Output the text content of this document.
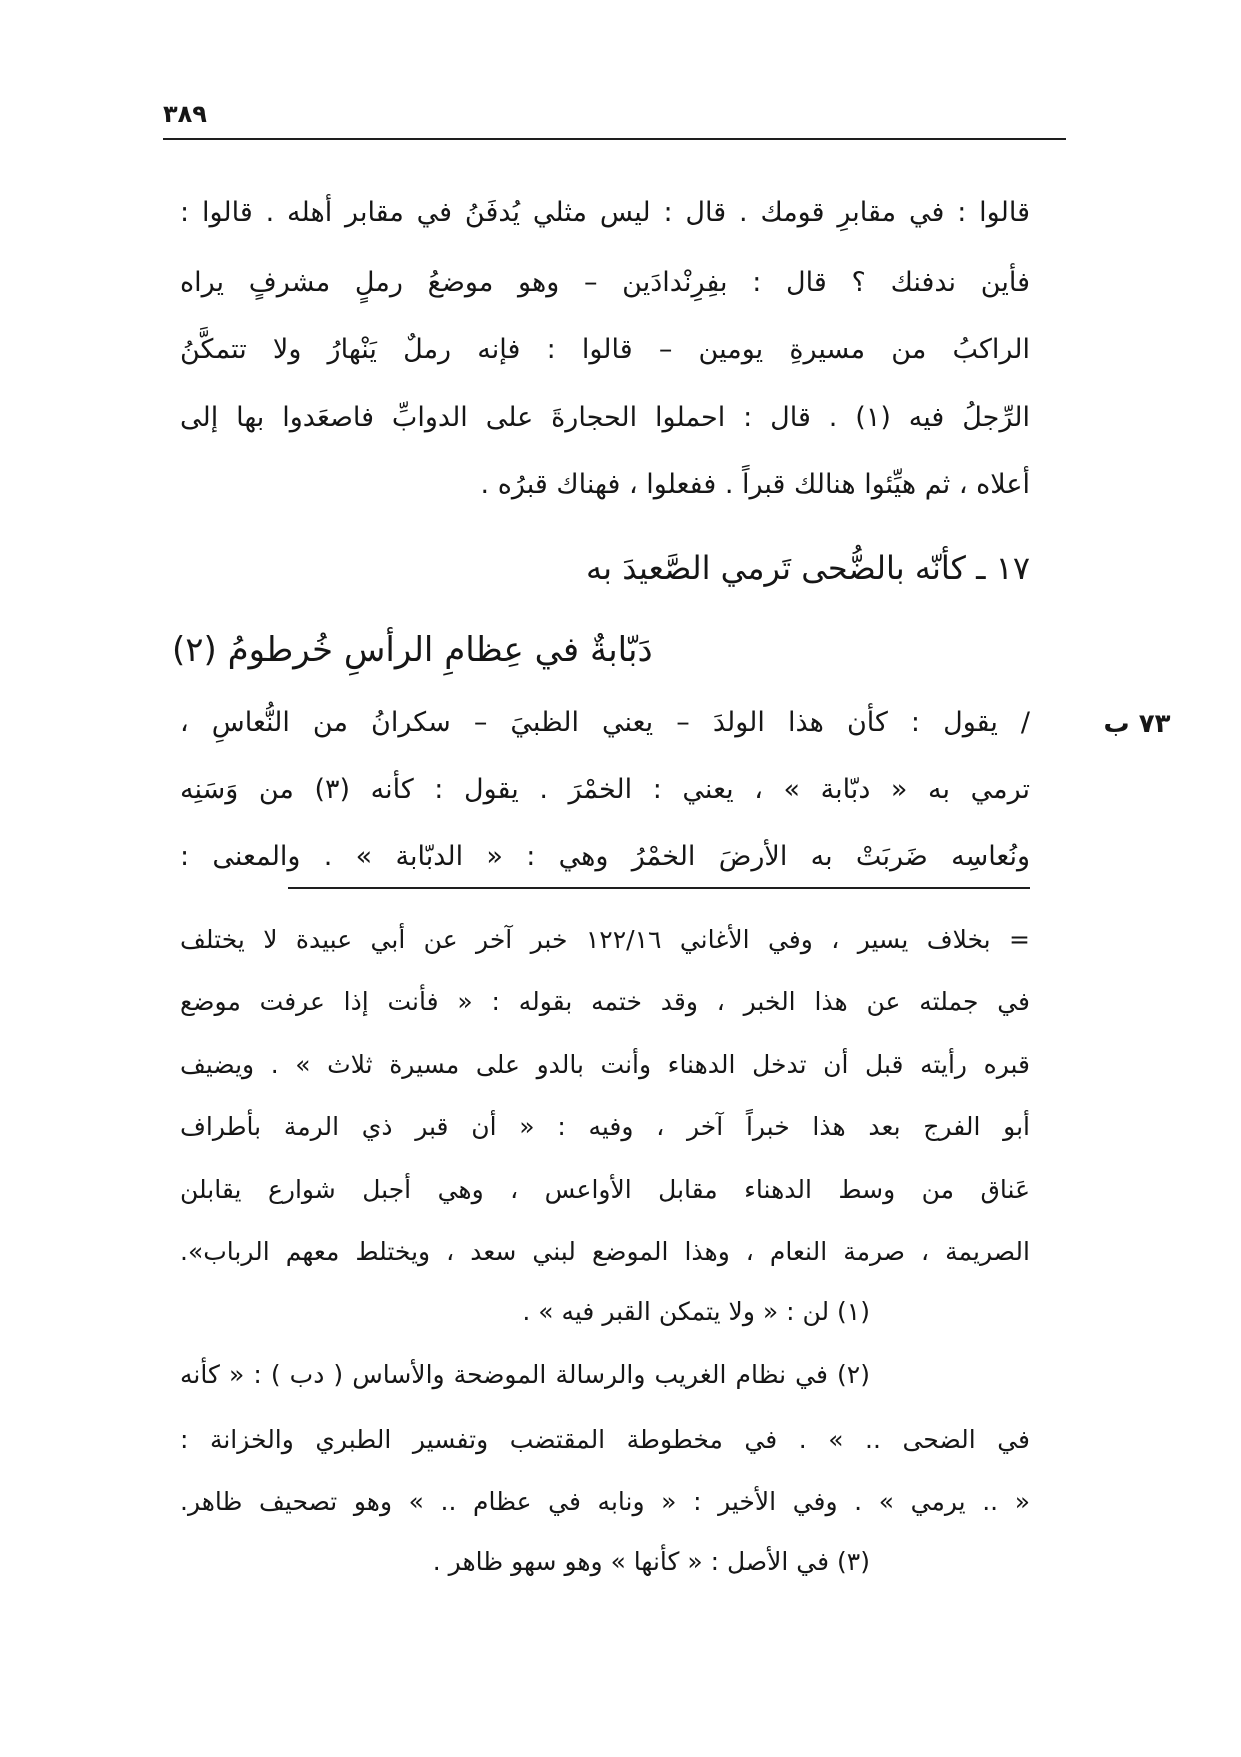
٣٨٩
قالوا : في مقابرِ قومك . قال : ليس مثلي يُدفَنُ في مقابر أهله . قالوا :
فأين ندفنك ؟ قال : بفِرِنْدادَين – وهو موضعُ رملٍ مشرفٍ يراه
الراكبُ من مسيرةِ يومين – قالوا : فإنه رملٌ يَنْهارُ ولا تتمكَّنُ
الرِّجلُ فيه (١) . قال : احملوا الحجارةَ على الدوابِّ فاصعَدوا بها إلى
أعلاه ، ثم هيِّئوا هنالك قبراً . ففعلوا ، فهناك قبرُه .
١٧ ـ كأنّه بالضُّحى تَرمي الصَّعيدَ به
دَبّابةٌ في عِظامِ الرأسِ خُرطومُ (٢)
٧٣ ب
/ يقول : كأن هذا الولدَ – يعني الظبيَ – سكرانُ من النُّعاسِ ،
ترمي به « دبّابة » ، يعني : الخمْرَ . يقول : كأنه (٣) من وَسَنِه
ونُعاسِه ضَربَتْ به الأرضَ الخمْرُ وهي : « الدبّابة » . والمعنى :
= بخلاف يسير ، وفي الأغاني ١٢٢/١٦ خبر آخر عن أبي عبيدة لا يختلف
في جملته عن هذا الخبر ، وقد ختمه بقوله : « فأنت إذا عرفت موضع
قبره رأيته قبل أن تدخل الدهناء وأنت بالدو على مسيرة ثلاث » . ويضيف
أبو الفرج بعد هذا خبراً آخر ، وفيه : « أن قبر ذي الرمة بأطراف
عَناق من وسط الدهناء مقابل الأواعس ، وهي أجبل شوارع يقابلن
الصريمة ، صرمة النعام ، وهذا الموضع لبني سعد ، ويختلط معهم الرباب».
(١) لن : « ولا يتمكن القبر فيه » .
(٢) في نظام الغريب والرسالة الموضحة والأساس ( دب ) : « كأنه
في الضحى .. » . في مخطوطة المقتضب وتفسير الطبري والخزانة :
« .. يرمي » . وفي الأخير : « ونابه في عظام .. » وهو تصحيف ظاهر.
(٣) في الأصل : « كأنها » وهو سهو ظاهر .
